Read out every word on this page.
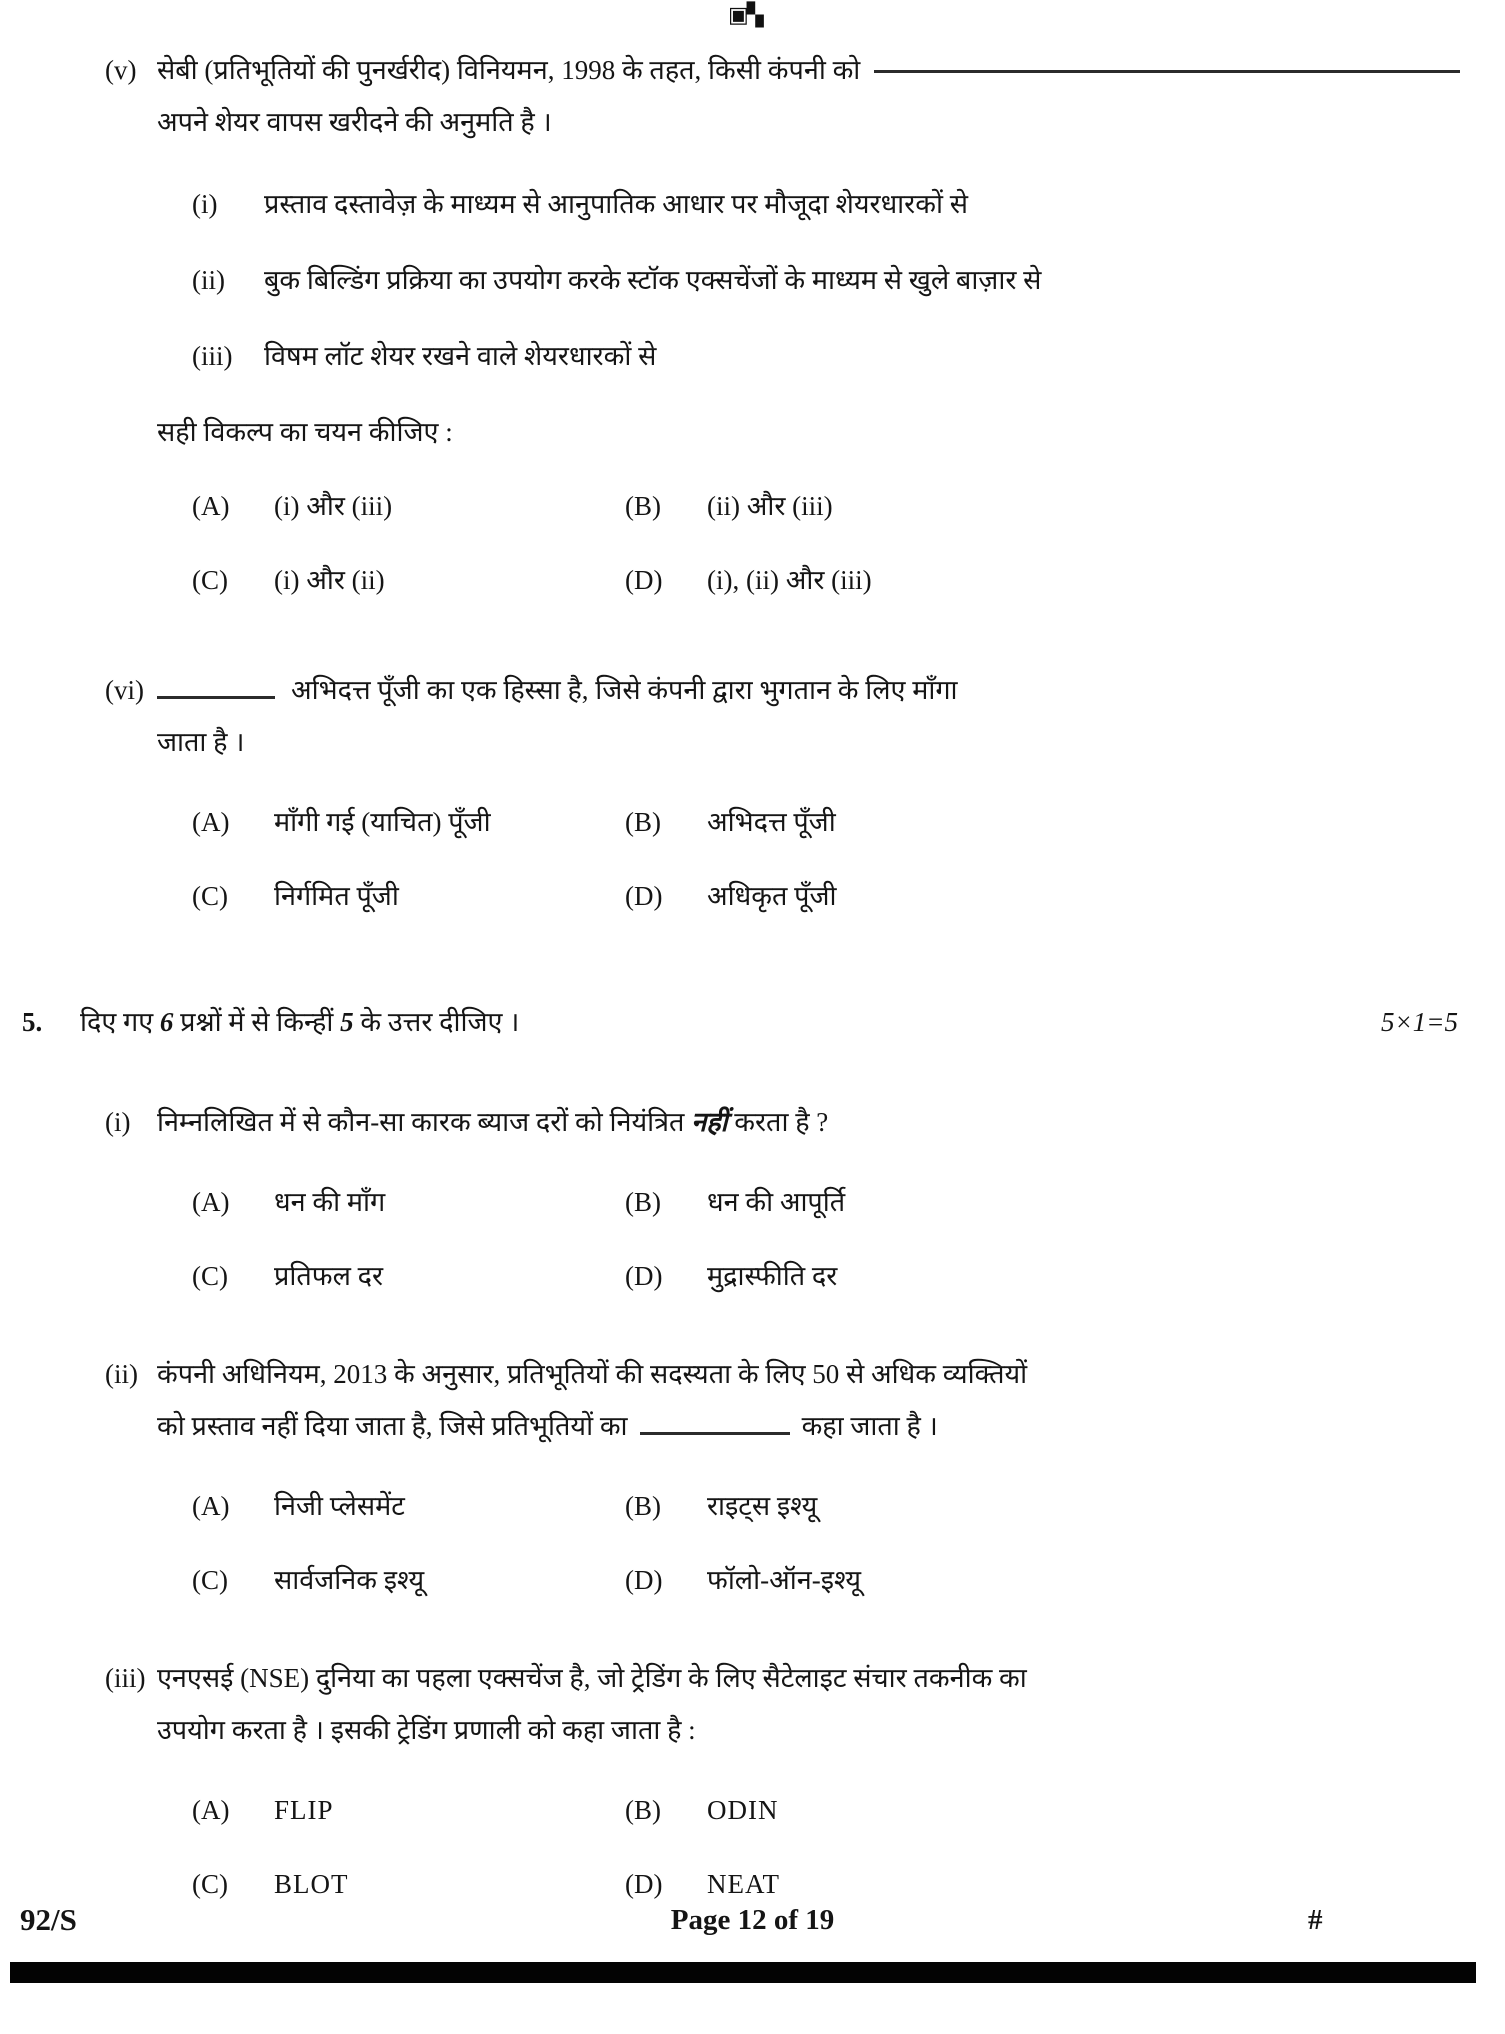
▣▚
(v) सेबी (प्रतिभूतियों की पुनर्खरीद) विनियमन, 1998 के तहत, किसी कंपनी को
अपने शेयर वापस खरीदने की अनुमति है ।
(i)	प्रस्ताव दस्तावेज़ के माध्यम से आनुपातिक आधार पर मौजूदा शेयरधारकों से
(ii)	बुक बिल्डिंग प्रक्रिया का उपयोग करके स्टॉक एक्सचेंजों के माध्यम से खुले बाज़ार से
(iii)	विषम लॉट शेयर रखने वाले शेयरधारकों से
सही विकल्प का चयन कीजिए :
(A)	(i) और (iii)	(B)	(ii) और (iii)
(C)	(i) और (ii)	(D)	(i), (ii) और (iii)
(vi)	अभिदत्त पूँजी का एक हिस्सा है, जिसे कंपनी द्वारा भुगतान के लिए माँगा
जाता है ।
(A)	माँगी गई (याचित) पूँजी	(B)	अभिदत्त पूँजी
(C)	निर्गमित पूँजी	(D)	अधिकृत पूँजी
5.	दिए गए 6 प्रश्नों में से किन्हीं 5 के उत्तर दीजिए ।	5×1=5
(i) निम्नलिखित में से कौन-सा कारक ब्याज दरों को नियंत्रित नहीं करता है ?
(A)	धन की माँग	(B)	धन की आपूर्ति
(C)	प्रतिफल दर	(D)	मुद्रास्फीति दर
(ii) कंपनी अधिनियम, 2013 के अनुसार, प्रतिभूतियों की सदस्यता के लिए 50 से अधिक व्यक्तियों
को प्रस्ताव नहीं दिया जाता है, जिसे प्रतिभूतियों का	कहा जाता है ।
(A)	निजी प्लेसमेंट	(B)	राइट्स इश्यू
(C)	सार्वजनिक इश्यू	(D)	फॉलो-ऑन-इश्यू
(iii) एनएसई (NSE) दुनिया का पहला एक्सचेंज है, जो ट्रेडिंग के लिए सैटेलाइट संचार तकनीक का
उपयोग करता है । इसकी ट्रेडिंग प्रणाली को कहा जाता है :
(A)	FLIP	(B)	ODIN
(C)	BLOT	(D)	NEAT
92/S	Page 12 of 19	#
